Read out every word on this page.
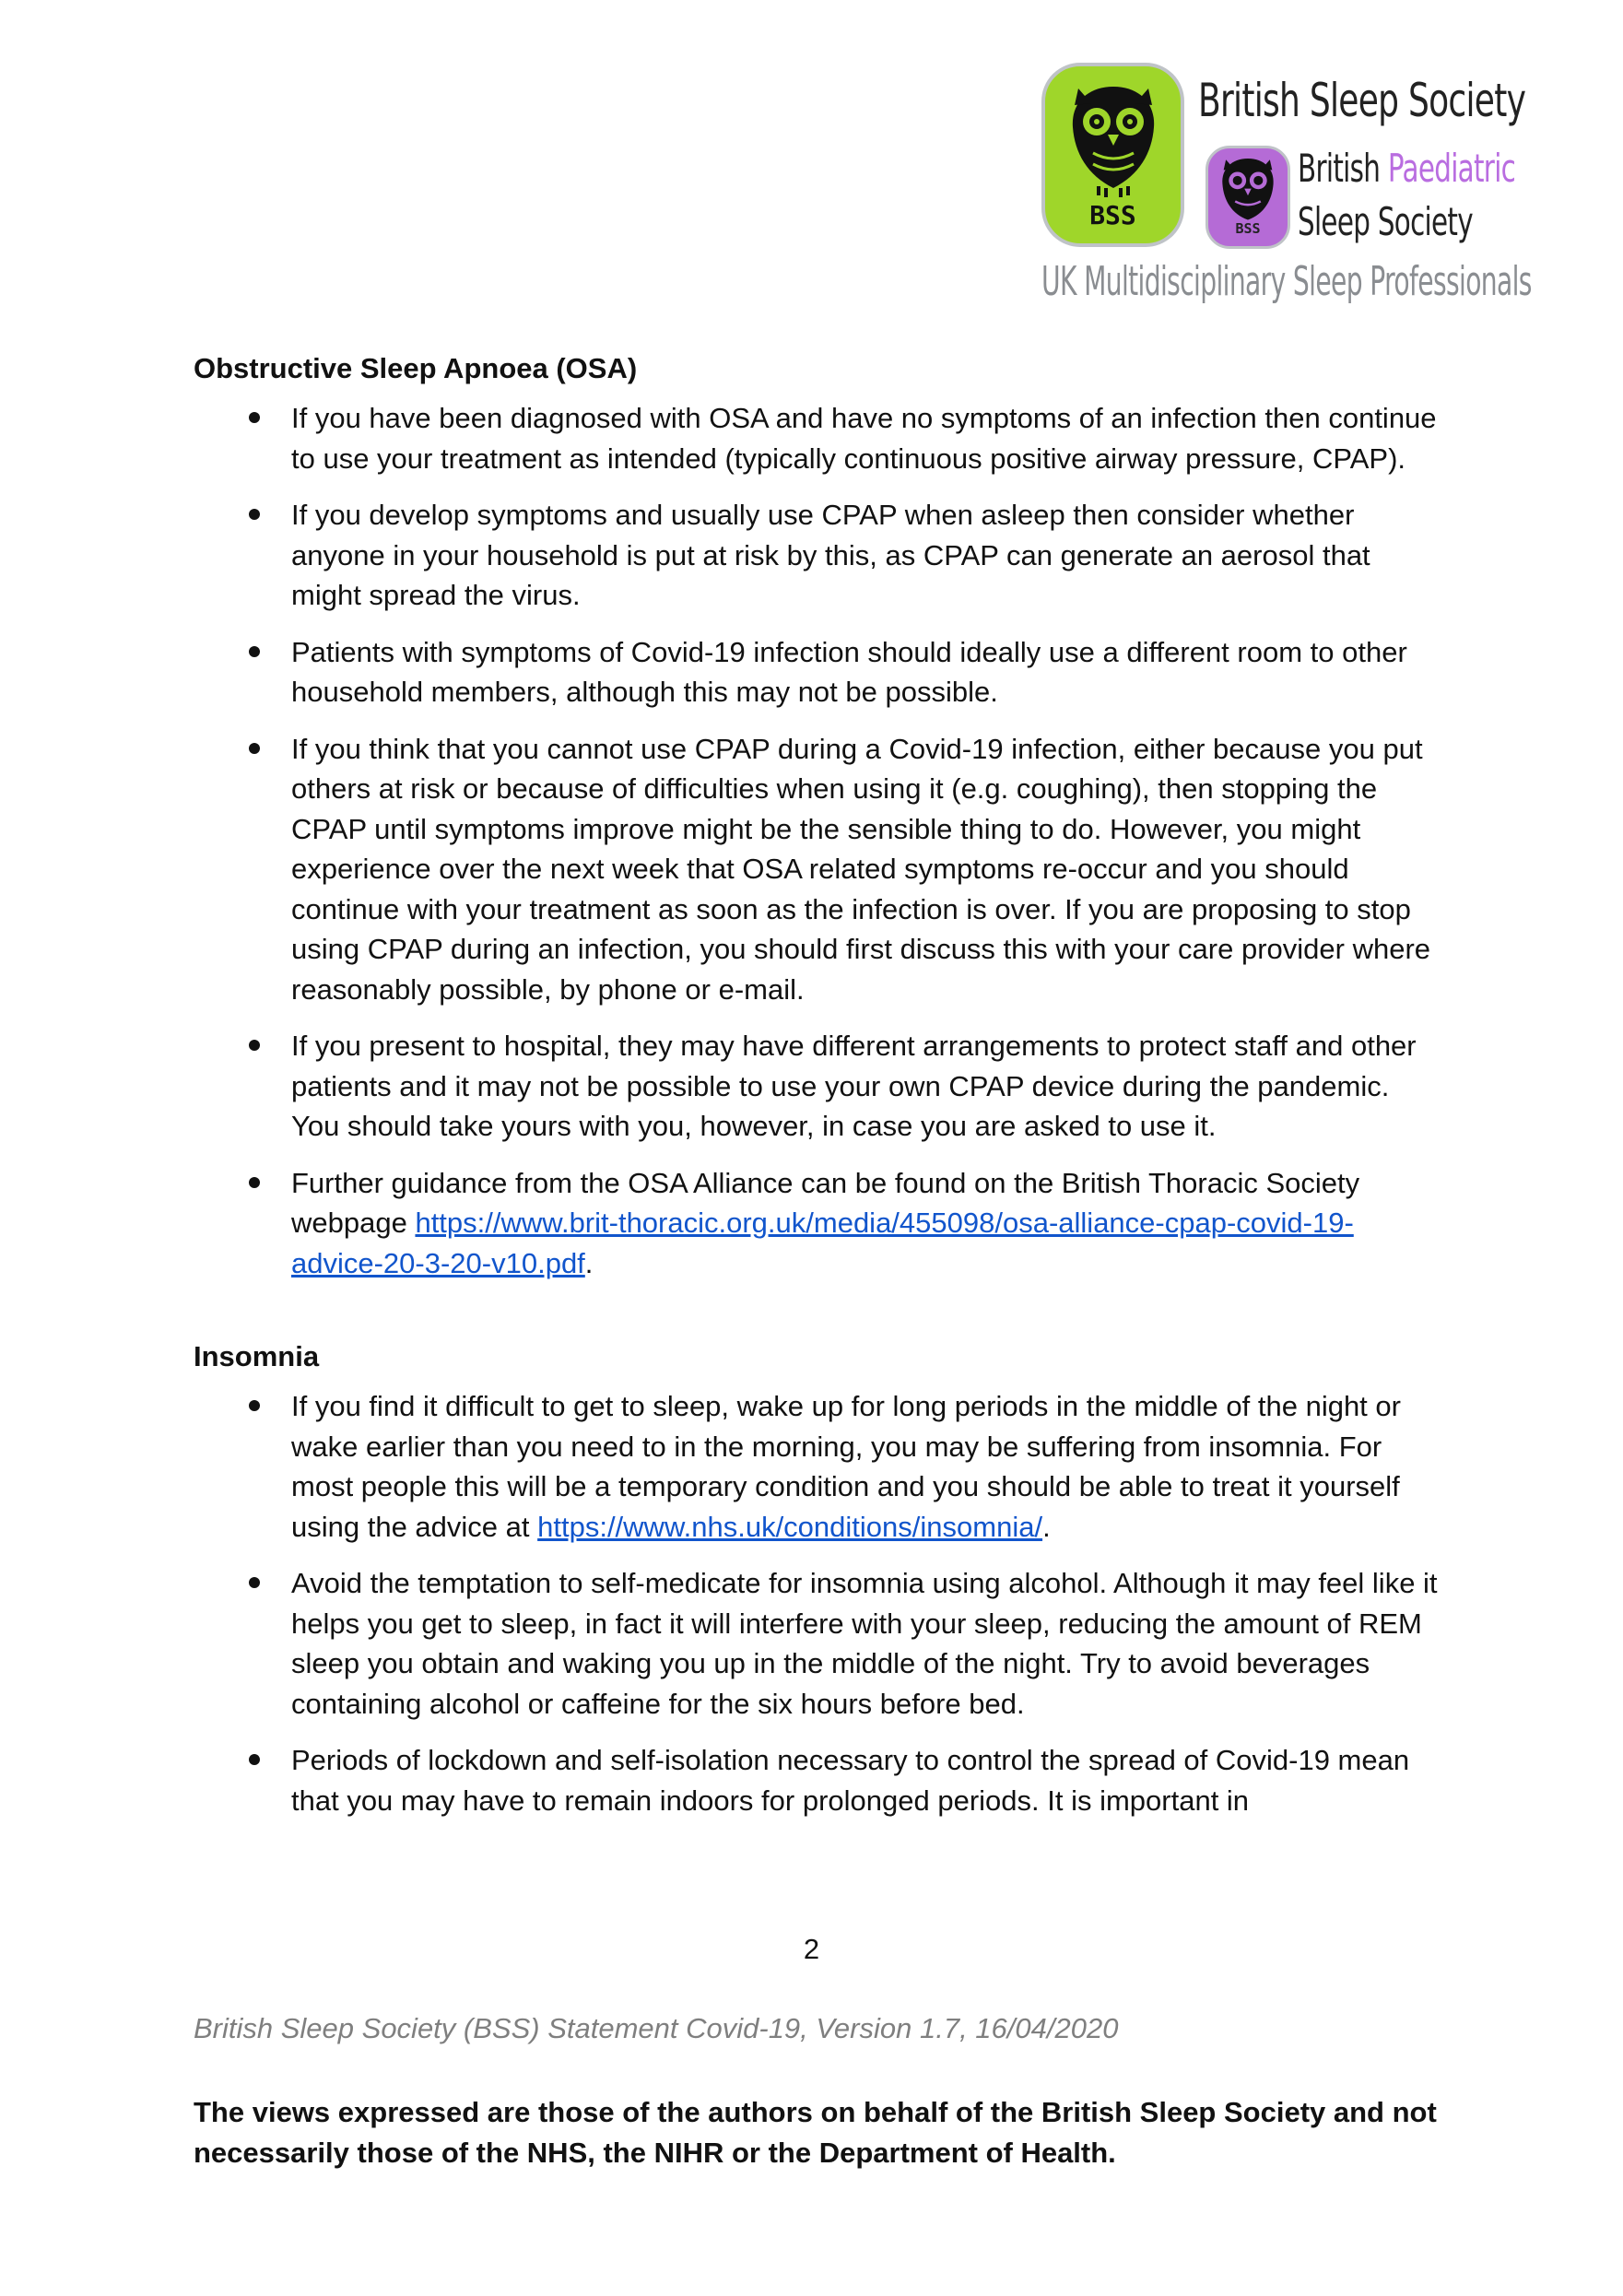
BSS	BSS
British Sleep Society
British Paediatric
Sleep Society
UK Multidisciplinary Sleep Professionals
Obstructive Sleep Apnoea (OSA)
If you have been diagnosed with OSA and have no symptoms of an infection then continue to use your treatment as intended (typically continuous positive airway pressure, CPAP).
If you develop symptoms and usually use CPAP when asleep then consider whether anyone in your household is put at risk by this, as CPAP can generate an aerosol that might spread the virus.
Patients with symptoms of Covid-19 infection should ideally use a different room to other household members, although this may not be possible.
If you think that you cannot use CPAP during a Covid-19 infection, either because you put others at risk or because of difficulties when using it (e.g. coughing), then stopping the CPAP until symptoms improve might be the sensible thing to do. However, you might experience over the next week that OSA related symptoms re-occur and you should continue with your treatment as soon as the infection is over. If you are proposing to stop using CPAP during an infection, you should first discuss this with your care provider where reasonably possible, by phone or e-mail.
If you present to hospital, they may have different arrangements to protect staff and other patients and it may not be possible to use your own CPAP device during the pandemic. You should take yours with you, however, in case you are asked to use it.
Further guidance from the OSA Alliance can be found on the British Thoracic Society webpage https://www.brit-thoracic.org.uk/media/455098/osa-alliance-cpap-covid-19-advice-20-3-20-v10.pdf.
Insomnia
If you find it difficult to get to sleep, wake up for long periods in the middle of the night or wake earlier than you need to in the morning, you may be suffering from insomnia. For most people this will be a temporary condition and you should be able to treat it yourself using the advice at https://www.nhs.uk/conditions/insomnia/.
Avoid the temptation to self-medicate for insomnia using alcohol. Although it may feel like it helps you get to sleep, in fact it will interfere with your sleep, reducing the amount of REM sleep you obtain and waking you up in the middle of the night. Try to avoid beverages containing alcohol or caffeine for the six hours before bed.
Periods of lockdown and self-isolation necessary to control the spread of Covid-19 mean that you may have to remain indoors for prolonged periods. It is important in
2
British Sleep Society (BSS) Statement Covid-19, Version 1.7, 16/04/2020
The views expressed are those of the authors on behalf of the British Sleep Society and not necessarily those of the NHS, the NIHR or the Department of Health.
